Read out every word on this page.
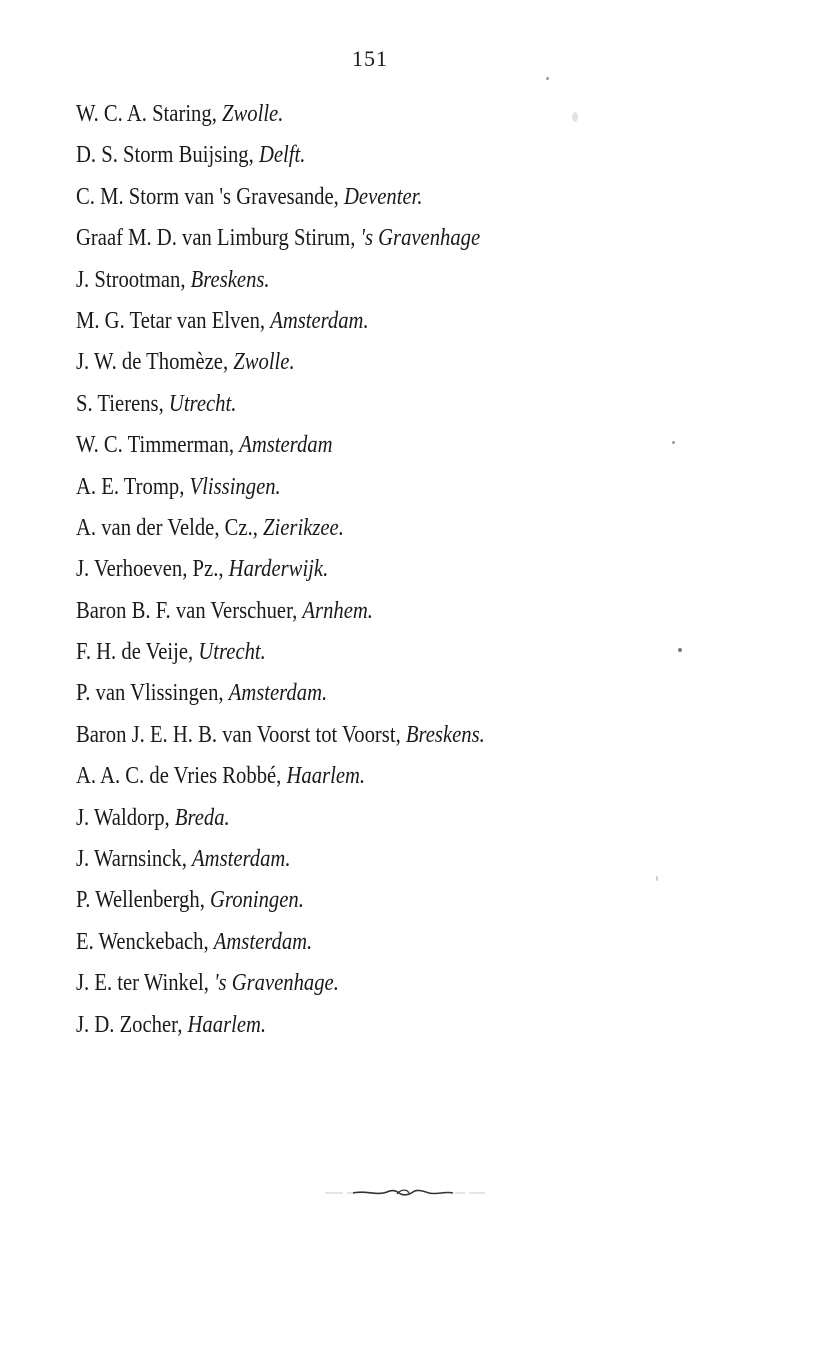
151
W. C. A. Staring, Zwolle.
D. S. Storm Buijsing, Delft.
C. M. Storm van 's Gravesande, Deventer.
Graaf M. D. van Limburg Stirum, 's Gravenhage
J. Strootman, Breskens.
M. G. Tetar van Elven, Amsterdam.
J. W. de Thomèze, Zwolle.
S. Tierens, Utrecht.
W. C. Timmerman, Amsterdam
A. E. Tromp, Vlissingen.
A. van der Velde, Cz., Zierikzee.
J. Verhoeven, Pz., Harderwijk.
Baron B. F. van Verschuer, Arnhem.
F. H. de Veije, Utrecht.
P. van Vlissingen, Amsterdam.
Baron J. E. H. B. van Voorst tot Voorst, Breskens.
A. A. C. de Vries Robbé, Haarlem.
J. Waldorp, Breda.
J. Warnsinck, Amsterdam.
P. Wellenbergh, Groningen.
E. Wenckebach, Amsterdam.
J. E. ter Winkel, 's Gravenhage.
J. D. Zocher, Haarlem.
